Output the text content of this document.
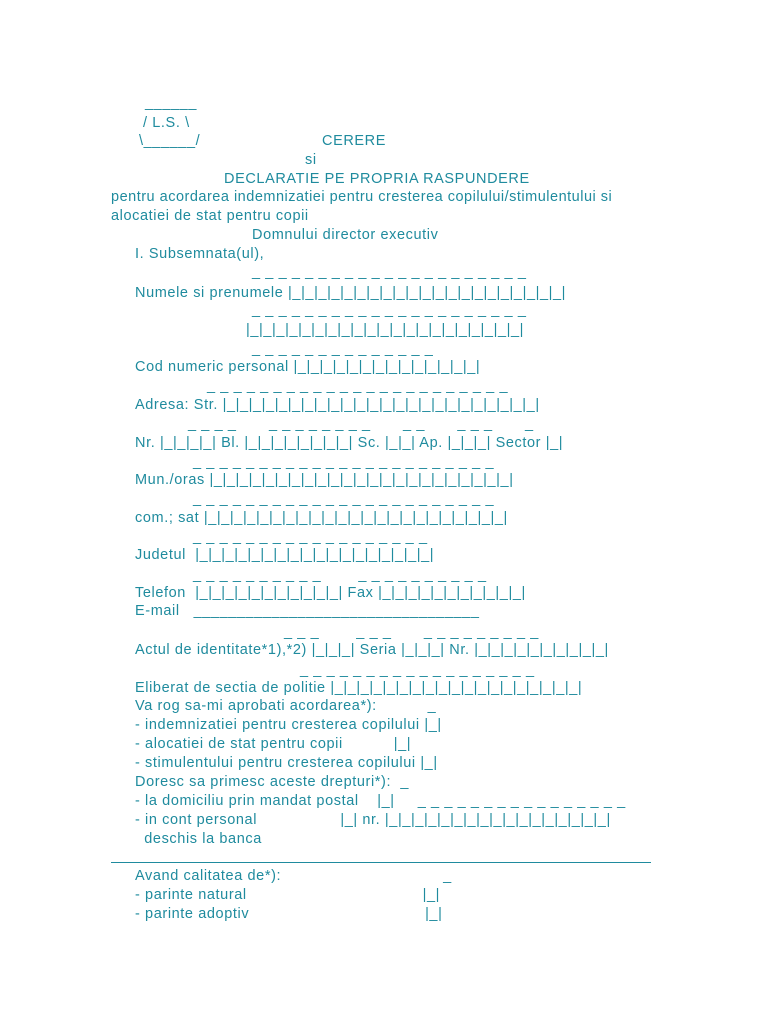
______
/ L.S. \
\______/	CERERE
si
DECLARATIE PE PROPRIA RASPUNDERE
pentru acordarea indemnizatiei pentru cresterea copilului/stimulentului si
alocatiei de stat pentru copii
Domnului director executiv
I. Subsemnata(ul),
_ _ _ _ _ _ _ _ _ _ _ _ _ _ _ _ _ _ _ _ _
Numele si prenumele |_|_|_|_|_|_|_|_|_|_|_|_|_|_|_|_|_|_|_|_|_|
_ _ _ _ _ _ _ _ _ _ _ _ _ _ _ _ _ _ _ _ _
|_|_|_|_|_|_|_|_|_|_|_|_|_|_|_|_|_|_|_|_|_|
_ _ _ _ _ _ _ _ _ _ _ _ _ _
Cod numeric personal |_|_|_|_|_|_|_|_|_|_|_|_|_|_|
_ _ _ _ _ _ _ _ _ _ _ _ _ _ _ _ _ _ _ _ _ _ _
Adresa: Str. |_|_|_|_|_|_|_|_|_|_|_|_|_|_|_|_|_|_|_|_|_|_|_|_|
_ _ _ _       _ _ _ _ _ _ _ _       _ _       _ _ _       _
Nr. |_|_|_|_| Bl. |_|_|_|_|_|_|_|_| Sc. |_|_| Ap. |_|_|_| Sector |_|
_ _ _ _ _ _ _ _ _ _ _ _ _ _ _ _ _ _ _ _ _ _ _
Mun./oras |_|_|_|_|_|_|_|_|_|_|_|_|_|_|_|_|_|_|_|_|_|_|_|
_ _ _ _ _ _ _ _ _ _ _ _ _ _ _ _ _ _ _ _ _ _ _
com.; sat |_|_|_|_|_|_|_|_|_|_|_|_|_|_|_|_|_|_|_|_|_|_|_|
_ _ _ _ _ _ _ _ _ _ _ _ _ _ _ _ _ _
Judetul  |_|_|_|_|_|_|_|_|_|_|_|_|_|_|_|_|_|_|
_ _ _ _ _ _ _ _ _ _        _ _ _ _ _ _ _ _ _ _
Telefon  |_|_|_|_|_|_|_|_|_|_|_| Fax |_|_|_|_|_|_|_|_|_|_|_|
E-mail   _________________________________
_ _ _        _ _ _       _ _ _ _ _ _ _ _ _
Actul de identitate*1),*2) |_|_|_| Seria |_|_|_| Nr. |_|_|_|_|_|_|_|_|_|_|
_ _ _ _ _ _ _ _ _ _ _ _ _ _ _ _ _ _
Eliberat de sectia de politie |_|_|_|_|_|_|_|_|_|_|_|_|_|_|_|_|_|_|_|
Va rog sa-mi aprobati acordarea*):           _
- indemnizatiei pentru cresterea copilului |_|
- alocatiei de stat pentru copii           |_|
- stimulentului pentru cresterea copilului |_|
Doresc sa primesc aceste drepturi*):  _
- la domiciliu prin mandat postal    |_|     _ _ _ _ _ _ _ _ _ _ _ _ _ _ _ _
- in cont personal                  |_| nr. |_|_|_|_|_|_|_|_|_|_|_|_|_|_|_|_|_|
deschis la banca
Avand calitatea de*):                                   _
- parinte natural                                      |_|
- parinte adoptiv                                      |_|
